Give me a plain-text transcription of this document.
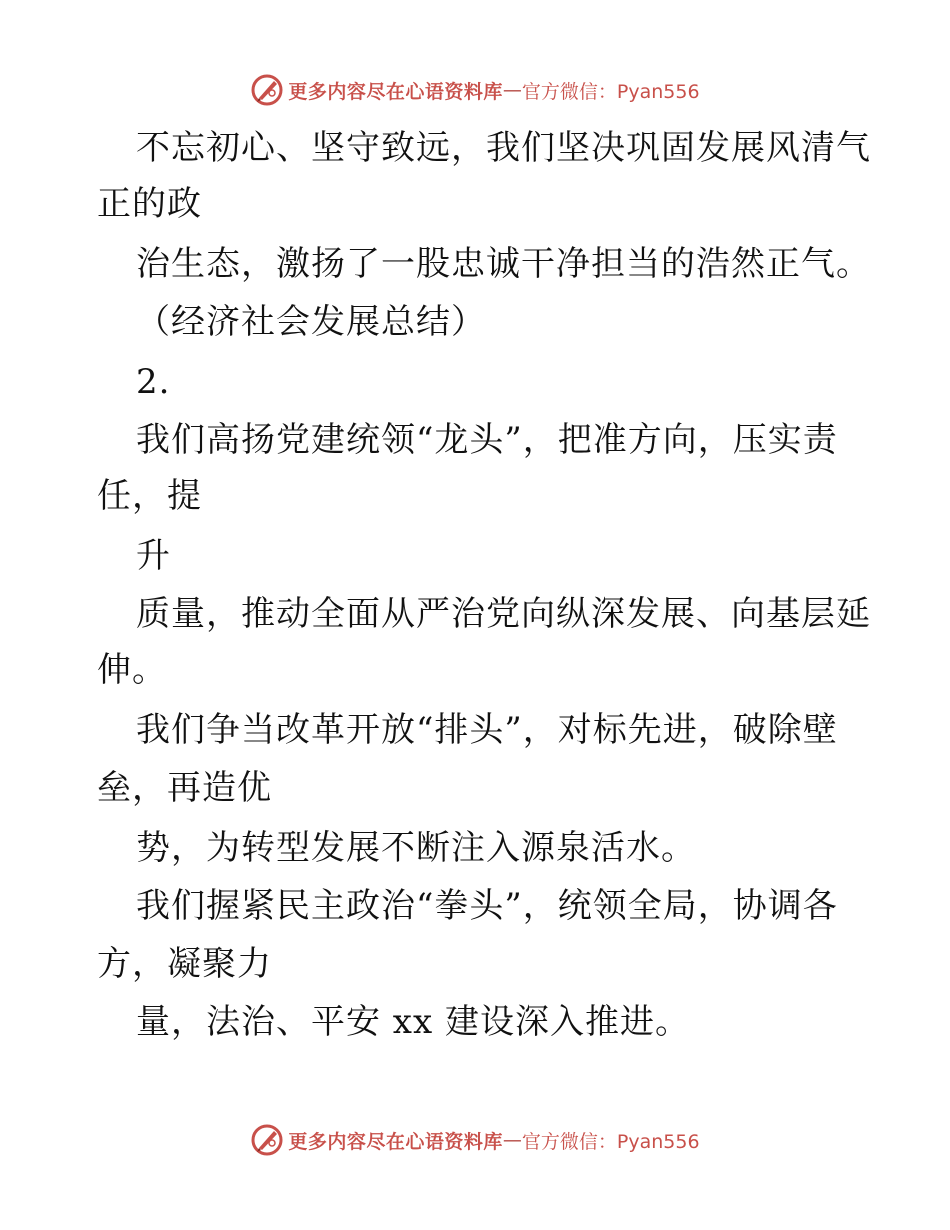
更多内容尽在心语资料库 — 官方微信：Pyan556
不忘初心、坚守致远，我们坚决巩固发展风清气
正的政
治生态，激扬了一股忠诚干净担当的浩然正气。
（经济社会发展总结）
2.
我们高扬党建统领“龙头”，把准方向，压实责
任，提
升
质量，推动全面从严治党向纵深发展、向基层延
伸。
我们争当改革开放“排头”，对标先进，破除壁
垒，再造优
势，为转型发展不断注入源泉活水。
我们握紧民主政治“拳头”，统领全局，协调各
方，凝聚力
量，法治、平安 xx 建设深入推进。
更多内容尽在心语资料库 — 官方微信：Pyan556
